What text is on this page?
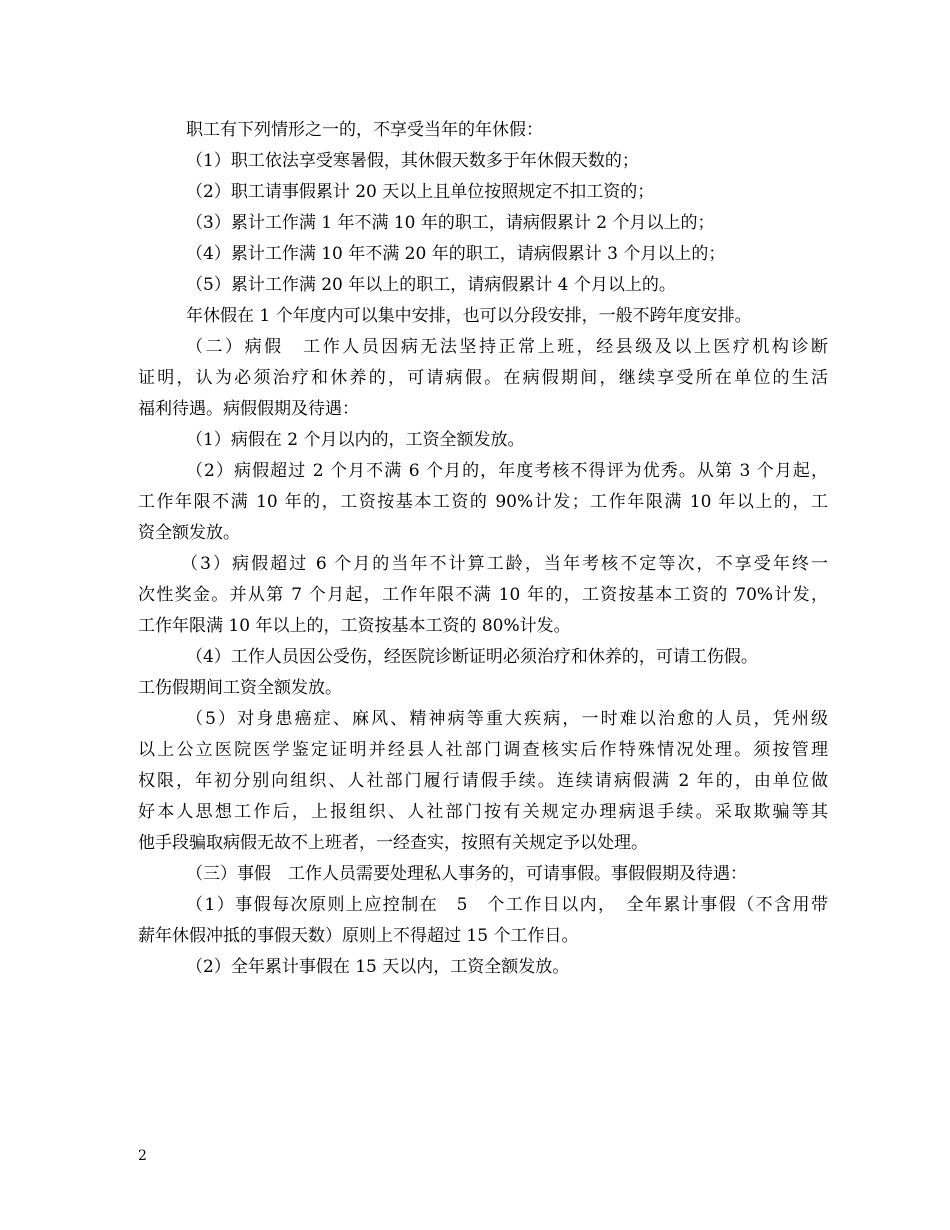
职工有下列情形之一的，不享受当年的年休假：
（1）职工依法享受寒暑假，其休假天数多于年休假天数的；
（2）职工请事假累计 20 天以上且单位按照规定不扣工资的；
（3）累计工作满 1 年不满 10 年的职工，请病假累计 2 个月以上的；
（4）累计工作满 10 年不满 20 年的职工，请病假累计 3 个月以上的；
（5）累计工作满 20 年以上的职工，请病假累计 4 个月以上的。
年休假在 1 个年度内可以集中安排，也可以分段安排，一般不跨年度安排。
（二）病假　工作人员因病无法坚持正常上班，经县级及以上医疗机构诊断
证明，认为必须治疗和休养的，可请病假。在病假期间，继续享受所在单位的生活
福利待遇。病假假期及待遇：
（1）病假在 2 个月以内的，工资全额发放。
（2）病假超过 2 个月不满 6 个月的，年度考核不得评为优秀。从第 3 个月起，
工作年限不满 10 年的，工资按基本工资的 90%计发；工作年限满 10 年以上的，工
资全额发放。
（3）病假超过 6 个月的当年不计算工龄，当年考核不定等次，不享受年终一
次性奖金。并从第 7 个月起，工作年限不满 10 年的，工资按基本工资的 70%计发，
工作年限满 10 年以上的，工资按基本工资的 80%计发。
（4）工作人员因公受伤，经医院诊断证明必须治疗和休养的，可请工伤假。
工伤假期间工资全额发放。
（5）对身患癌症、麻风、精神病等重大疾病，一时难以治愈的人员，凭州级
以上公立医院医学鉴定证明并经县人社部门调查核实后作特殊情况处理。须按管理
权限，年初分别向组织、人社部门履行请假手续。连续请病假满 2 年的，由单位做
好本人思想工作后，上报组织、人社部门按有关规定办理病退手续。采取欺骗等其
他手段骗取病假无故不上班者，一经查实，按照有关规定予以处理。
（三）事假　工作人员需要处理私人事务的，可请事假。事假假期及待遇：
（1）事假每次原则上应控制在　5　个工作日以内，　全年累计事假（不含用带
薪年休假冲抵的事假天数）原则上不得超过 15 个工作日。
（2）全年累计事假在 15 天以内，工资全额发放。
2
